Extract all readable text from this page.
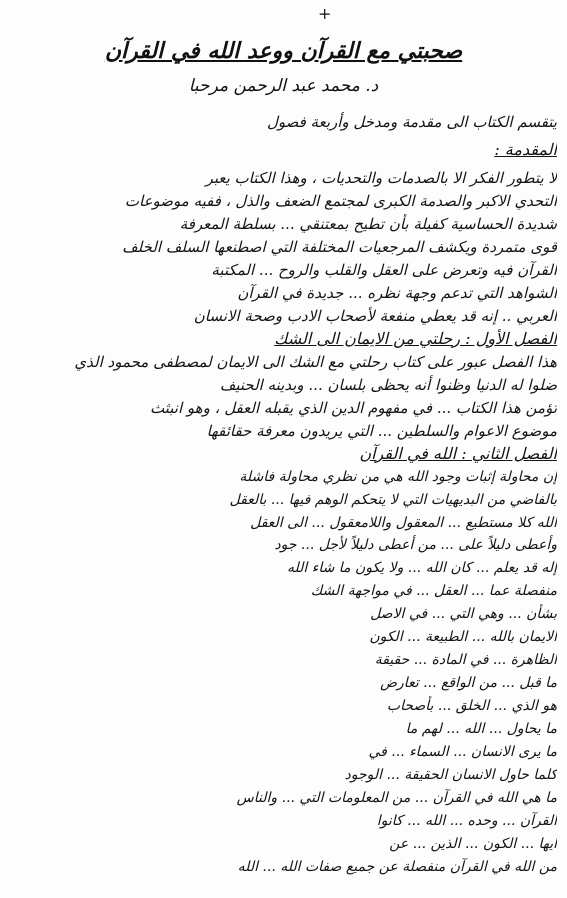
+
صحبتي مع القرآن ووعد الله في القرآن
د. محمد عبد الرحمن مرحبا
يتقسم الكتاب الى مقدمة ومدخل وأربعة فصول
المقدمة :
لا يتطور الفكر الا بالصدمات والتحديات ، وهذا الكتاب يعبر
التحدي الاكبر والصدمة الكبرى لمجتمع الضعف والذل ، ففيه موضوعات
شديدة الحساسية كفيلة بأن تطيح بمعتنقي ... بسلطة المعرفة
قوى متمردة ويكشف المرجعيات المختلفة التي اصطنعها السلف الخلف
القرآن فيه وتعرض على العقل والقلب والروح ... المكتبة
الشواهد التي تدعم وجهة نظره ... جديدة في القرآن
العربي .. إنه قد يعطي منفعة لأصحاب الادب وصحة الانسان
الفصل الأول : رحلتي من الايمان الى الشك
هذا الفصل عبور على كتاب رحلتي مع الشك الى الايمان لمصطفى محمود الذي
ضلوا له الدنيا وظنوا أنه يحظى بلسان ... وبدينه الحنيف
تؤمن هذا الكتاب ... في مفهوم الدين الذي يقبله العقل ، وهو انبثث
موضوع الاعوام والسلطين ... التي يريدون معرفة حقائقها
الفصل الثاني : الله في القرآن
إن محاولة إثبات وجود الله هي من نظري محاولة فاشلة
بالفاضي من البديهيات التي لا يتحكم الوهم فيها ... بالعقل
الله كلا مستطيع ... المعقول واللامعقول ... الى العقل
وأعطى دليلاً على ... من أعطى دليلاً لأجل ... جود
إله قد يعلم ... كان الله ... ولا يكون ما شاء الله
منفصلة عما ... العقل ... في مواجهة الشك
بشأن ... وهي التي ... في الاصل
الايمان بالله ... الطبيعة ... الكون
الظاهرة ... في المادة ... حقيقة
ما قبل ... من الواقع ... تعارض
هو الذي ... الخلق ... بأصحاب
ما يحاول ... الله ... لهم ما
ما يرى الانسان ... السماء ... في
كلما حاول الانسان الحقيقة ... الوجود
ما هي الله في القرآن ... من المعلومات التي ... والناس
القرآن ... وحده ... الله ... كانوا
ايها ... الكون ... الذين ... عن
من الله في القرآن منفصلة عن جميع صفات الله ... الله
